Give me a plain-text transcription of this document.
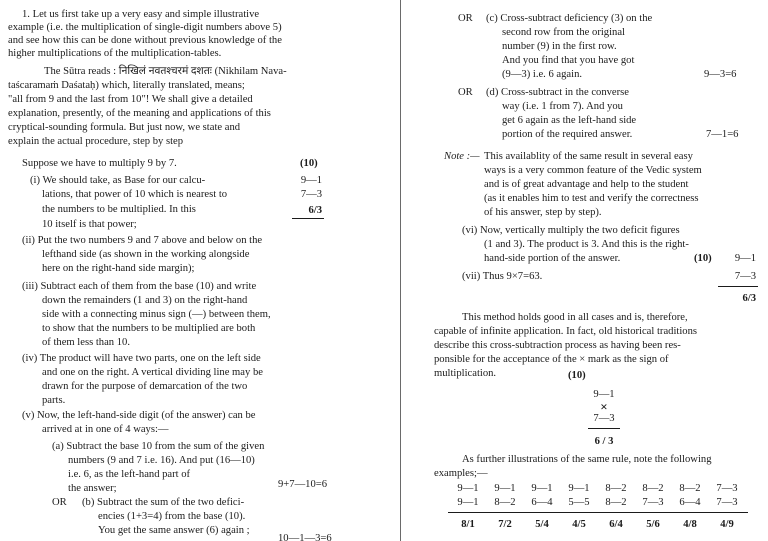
1. Let us first take up a very easy and simple illustrative
example (i.e. the multiplication of single-digit numbers above 5)
and see how this can be done without previous knowledge of the
higher multiplications of the multiplication-tables.
The Sūtra reads : निखिलं नवतश्चरमं दशतः (Nikhilam Nava-
taścaramaṁ Daśataḥ) which, literally translated, means;
"all from 9 and the last from 10"! We shall give a detailed
explanation, presently, of the meaning and applications of this
cryptical-sounding formula. But just now, we state and
explain the actual procedure, step by step
Suppose we have to multiply 9 by 7.	(10)
(i) We should take, as Base for our calcu-
lations, that power of 10 which is nearest to
the numbers to be multiplied. In this
10 itself is that power;
9—1
7—3
6/3
(ii) Put the two numbers 9 and 7 above and below on the
lefthand side (as shown in the working alongside
here on the right-hand side margin);
(iii) Subtract each of them from the base (10) and write
down the remainders (1 and 3) on the right-hand
side with a connecting minus sign (—) between them,
to show that the numbers to be multiplied are both
of them less than 10.
(iv) The product will have two parts, one on the left side
and one on the right. A vertical dividing line may be
drawn for the purpose of demarcation of the two
parts.
(v) Now, the left-hand-side digit (of the answer) can be
arrived at in one of 4 ways:—
(a) Subtract the base 10 from the sum of the given
numbers (9 and 7 i.e. 16). And put (16—10)
i.e. 6, as the left-hand part of
the answer;	9+7—10=6
OR (b) Subtract the sum of the two defici-
encies (1+3=4) from the base (10).
You get the same answer (6) again ;
10—1—3=6
OR (c) Cross-subtract deficiency (3) on the
second row from the original
number (9) in the first row.
And you find that you have got
(9—3) i.e. 6 again.	9—3=6
OR (d) Cross-subtract in the converse
way (i.e. 1 from 7). And you
get 6 again as the left-hand side
portion of the required answer.	7—1=6
Note :— This availablity of the same result in several easy
ways is a very common feature of the Vedic system
and is of great advantage and help to the student
(as it enables him to test and verify the correctness
of his answer, step by step).
(vi) Now, vertically multiply the two deficit figures
(1 and 3). The product is 3. And this is the right-
hand-side portion of the answer.	(10)	9—1
(vii) Thus 9×7=63.	7—3
6/3
This method holds good in all cases and is, therefore,
capable of infinite application. In fact, old historical traditions
describe this cross-subtraction process as having been res-
ponsible for the acceptance of the × mark as the sign of
multiplication.	(10)
9—1
×
7—3
6 / 3
As further illustrations of the same rule, note the following
examples;—
9—1	9—1	9—1	9—1	8—2	8—2	8—2	7—3
9—1	8—2	6—4	5—5	8—2	7—3	6—4	7—3
8/1	7/2	5/4	4/5	6/4	5/6	4/8	4/9
